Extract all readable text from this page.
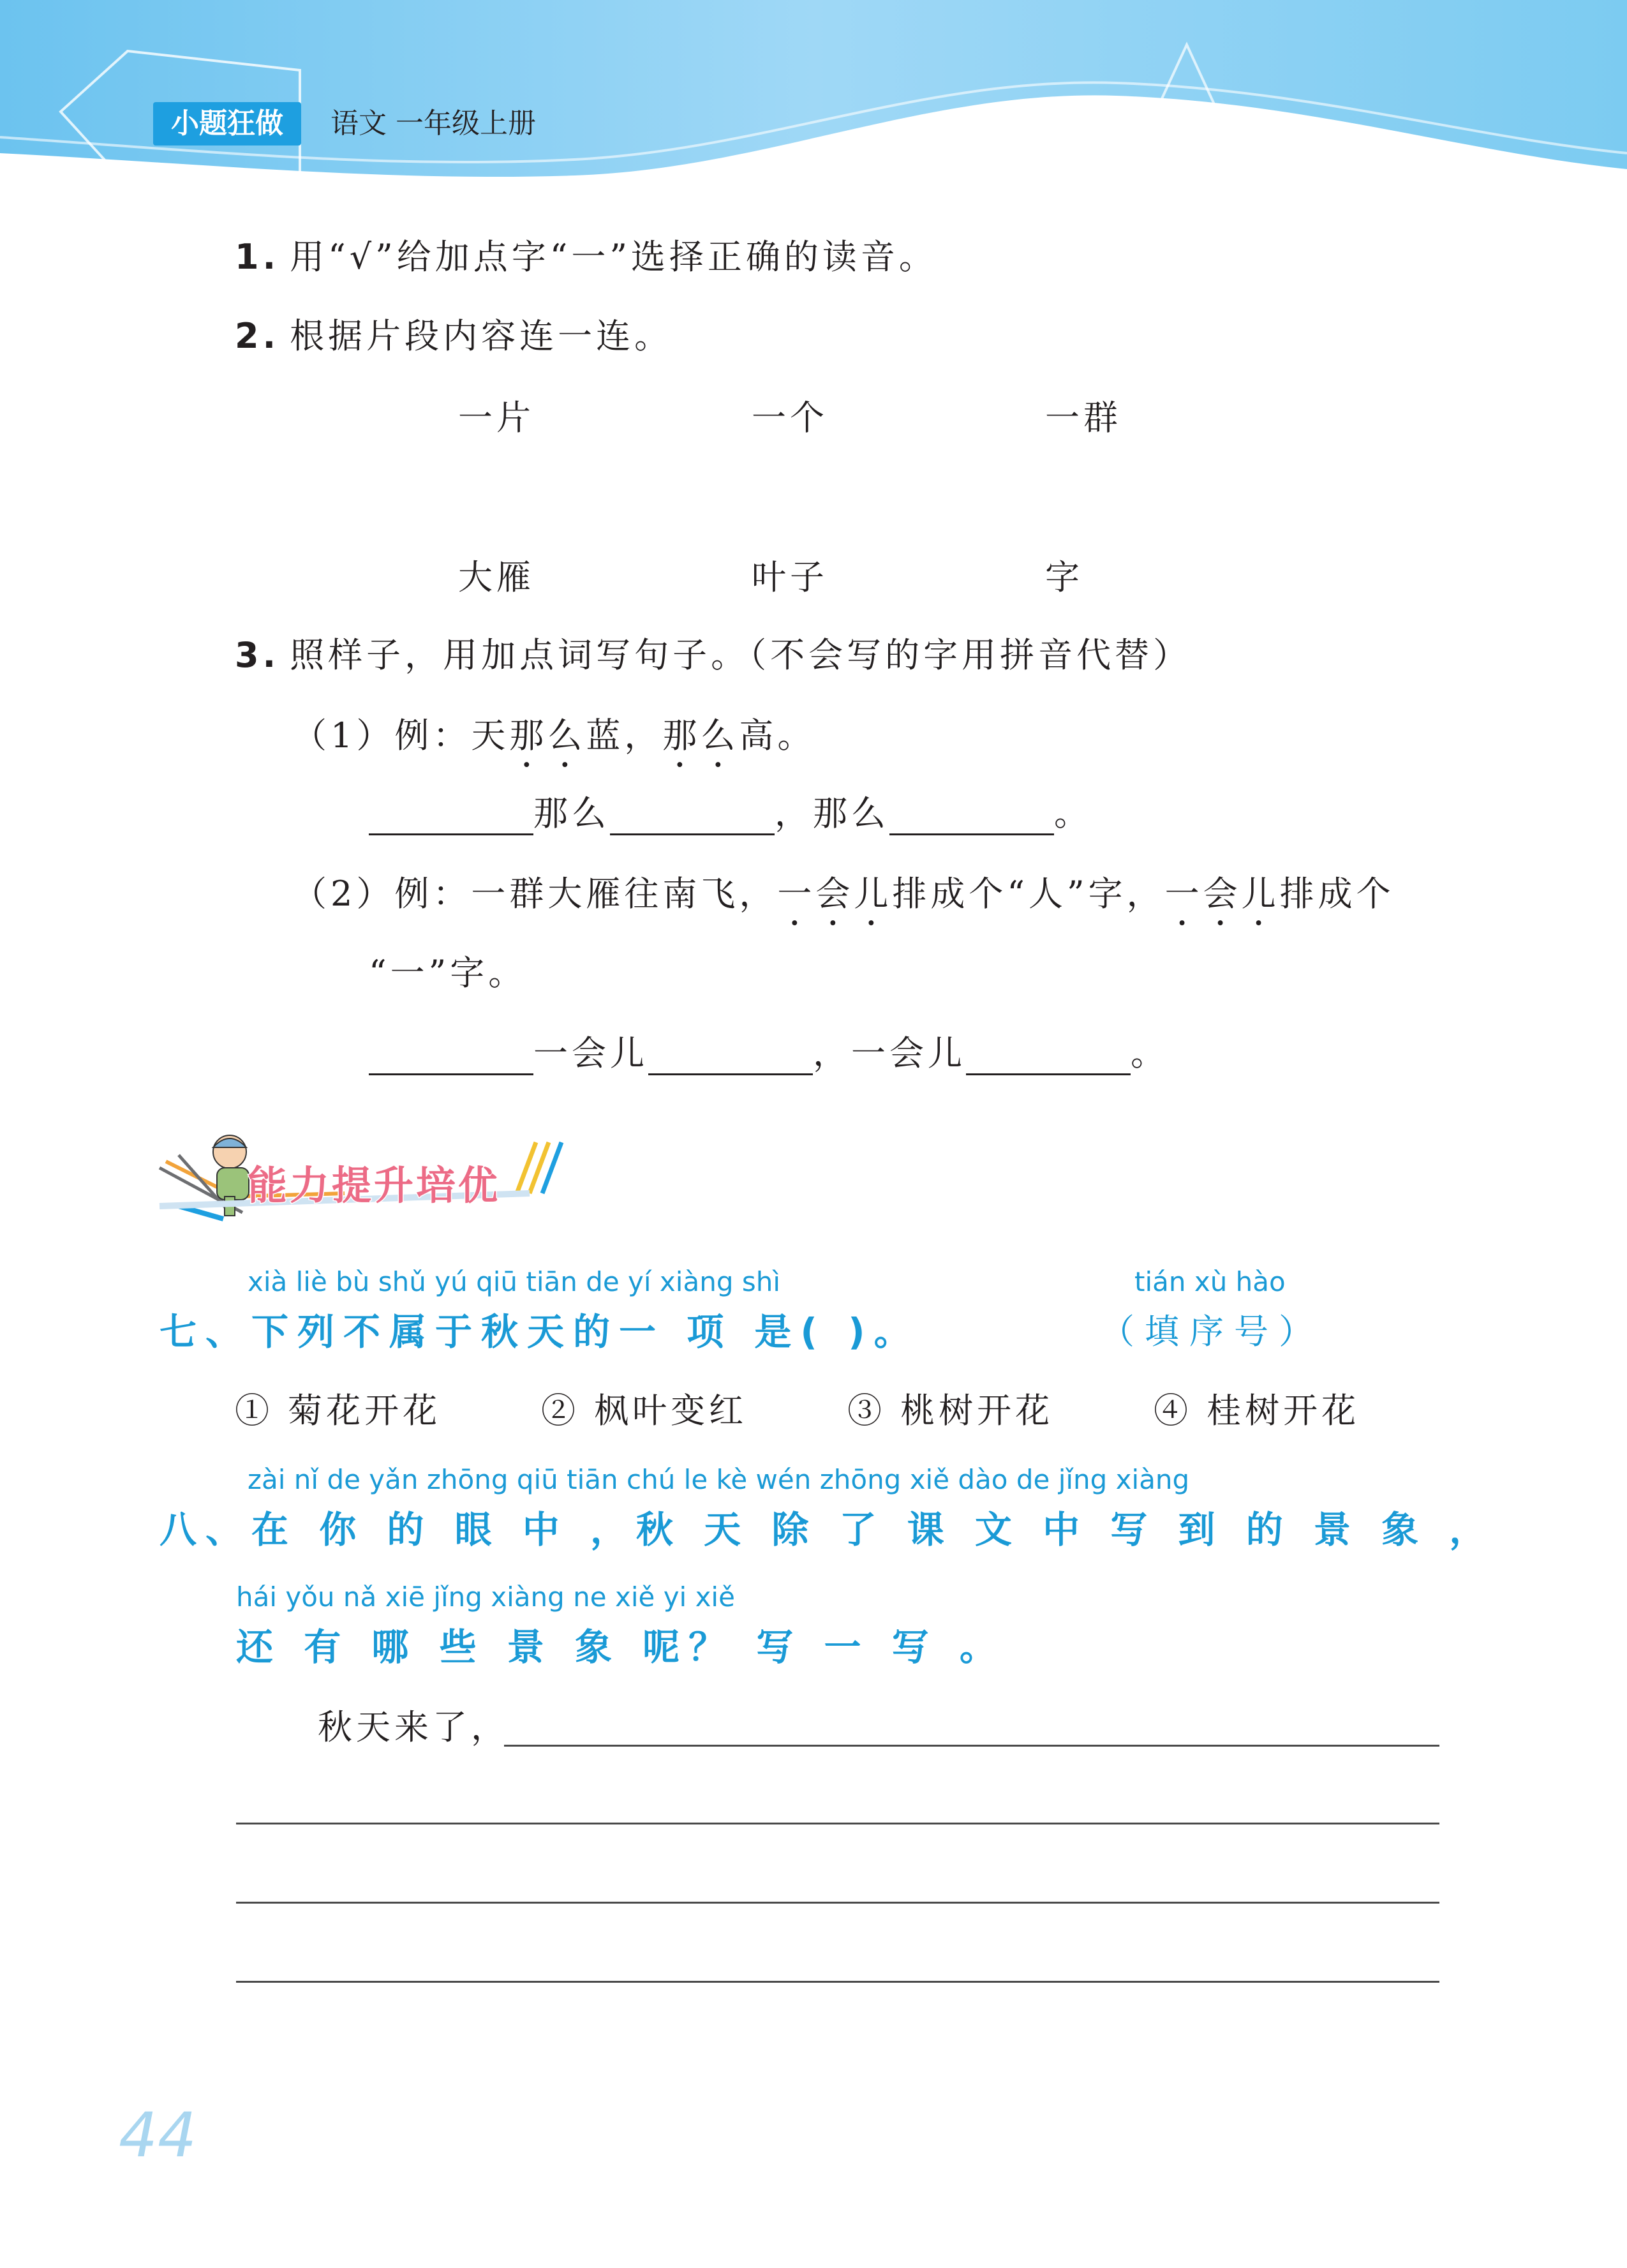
小题狂做	语文 一年级上册
1. 用“√”给加点字“一”选择正确的读音。
2. 根据片段内容连一连。
一片	一个	一群
大雁	叶子	字
3. 照样子，用加点词写句子。（不会写的字用拼音代替）
（1）例：天那么蓝，那么高。
那么	，那么	。
（2）例：一群大雁往南飞，一会儿排成个“人”字，一会儿排成个
“一”字。
一会儿	，一会儿	。
能力提升培优
xià liè bù shǔ yú qiū tiān de yí xiàng shì	tián xù hào
七、下列不属于秋天的一 项 是( )。	（填序号）
① 菊花开花	② 枫叶变红	③ 桃树开花	④ 桂树开花
zài nǐ de yǎn zhōng qiū tiān chú le kè wén zhōng xiě dào de jǐng xiàng
八、在 你 的 眼 中 ，秋 天 除 了 课 文 中 写 到 的 景 象 ，
hái yǒu nǎ xiē jǐng xiàng ne xiě yi xiě
还 有 哪 些 景 象 呢？ 写 一 写 。
秋天来了，
44
